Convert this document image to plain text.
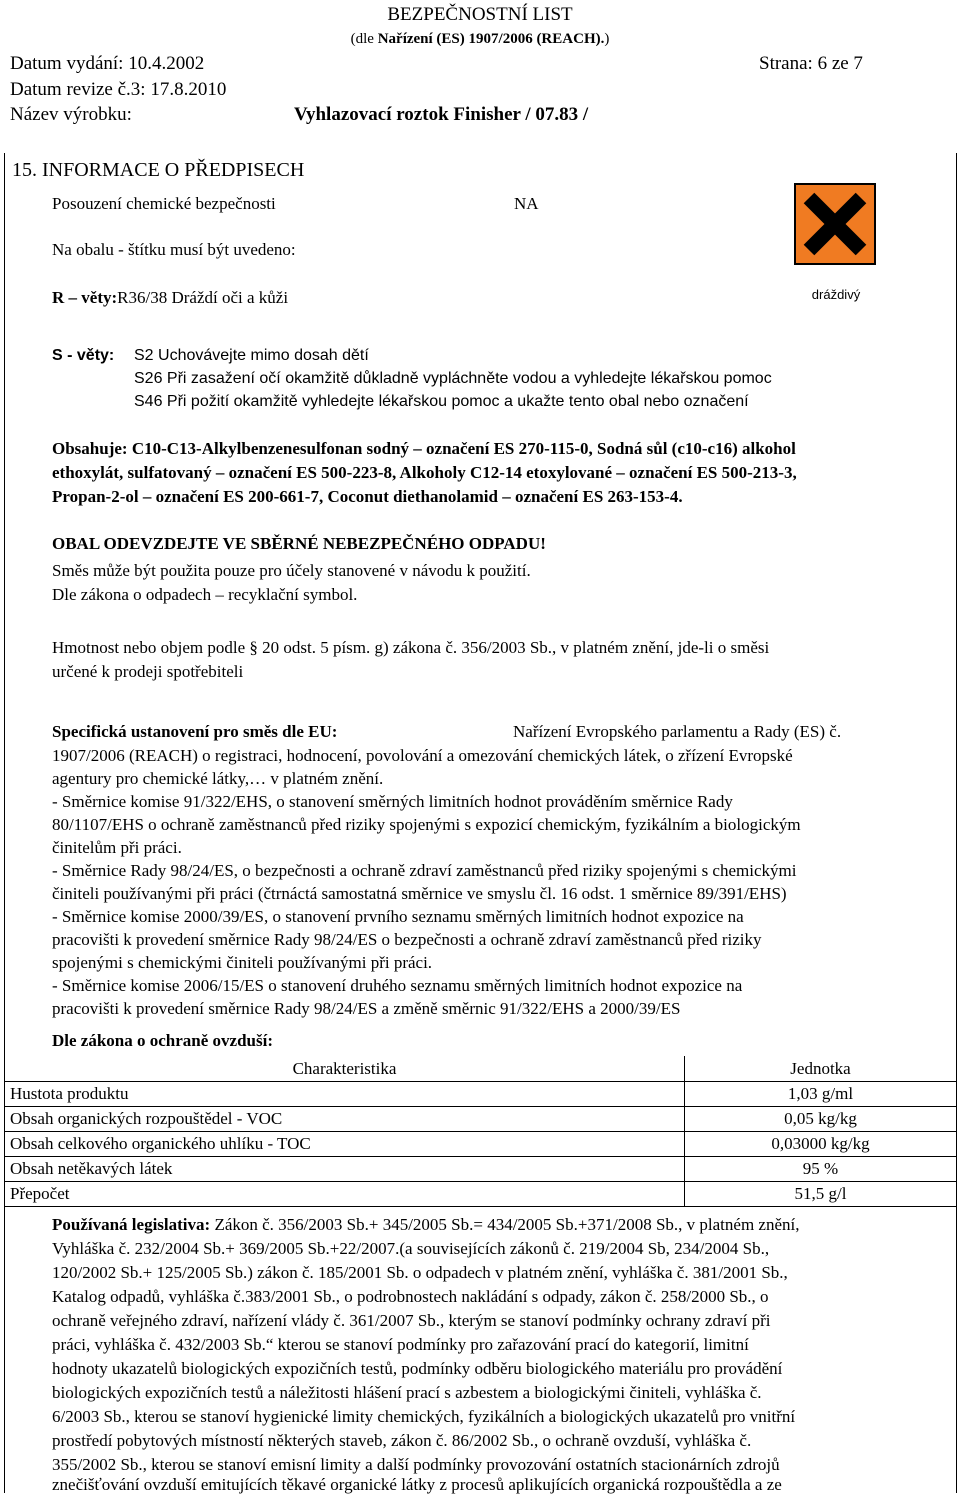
BEZPEČNOSTNÍ LIST
(dle Nařízení (ES) 1907/2006 (REACH).)
Datum vydání: 10.4.2002	Strana: 6 ze 7
Datum revize č.3: 17.8.2010
Název výrobku:	Vyhlazovací roztok Finisher / 07.83 /
15. INFORMACE O PŘEDPISECH
Posouzení chemické bezpečnosti	NA
Na obalu - štítku musí být uvedeno:
R – věty:R36/38 Dráždí oči a kůži	dráždivý
S - věty: S2 Uchovávejte mimo dosah dětí
S26 Při zasažení očí okamžitě důkladně vypláchněte vodou a vyhledejte lékařskou pomoc
S46 Při požití okamžitě vyhledejte lékařskou pomoc a ukažte tento obal nebo označení
Obsahuje: C10-C13-Alkylbenzenesulfonan sodný – označení ES 270-115-0, Sodná sůl (c10-c16) alkohol
ethoxylát, sulfatovaný – označení ES 500-223-8, Alkoholy C12-14 etoxylované – označení ES 500-213-3,
Propan-2-ol – označení ES 200-661-7, Coconut diethanolamid – označení ES 263-153-4.
OBAL ODEVZDEJTE VE SBĚRNÉ NEBEZPEČNÉHO ODPADU!
Směs může být použita pouze pro účely stanovené v návodu k použití.
Dle zákona o odpadech – recyklační symbol.
Hmotnost nebo objem podle § 20 odst. 5 písm. g) zákona č. 356/2003 Sb., v platném znění, jde-li o směsi
určené k prodeji spotřebiteli
Specifická ustanovení pro směs dle EU:	Nařízení Evropského parlamentu a Rady (ES) č.
1907/2006 (REACH) o registraci, hodnocení, povolování a omezování chemických látek, o zřízení Evropské
agentury pro chemické látky,… v platném znění.
- Směrnice komise 91/322/EHS, o stanovení směrných limitních hodnot prováděním směrnice Rady
80/1107/EHS o ochraně zaměstnanců před riziky spojenými s expozicí chemickým, fyzikálním a biologickým
činitelům při práci.
- Směrnice Rady 98/24/ES, o bezpečnosti a ochraně zdraví zaměstnanců před riziky spojenými s chemickými
činiteli používanými při práci (čtrnáctá samostatná směrnice ve smyslu čl. 16 odst. 1 směrnice 89/391/EHS)
- Směrnice komise 2000/39/ES, o stanovení prvního seznamu směrných limitních hodnot expozice na
pracovišti k provedení směrnice Rady 98/24/ES o bezpečnosti a ochraně zdraví zaměstnanců před riziky
spojenými s chemickými činiteli používanými při práci.
- Směrnice komise 2006/15/ES o stanovení druhého seznamu směrných limitních hodnot expozice na
pracovišti k provedení směrnice Rady 98/24/ES a změně směrnic 91/322/EHS a 2000/39/ES
Dle zákona o ochraně ovzduší:
Charakteristika	Jednotka
Hustota produktu	1,03 g/ml
Obsah organických rozpouštědel - VOC	0,05 kg/kg
Obsah celkového organického uhlíku - TOC	0,03000 kg/kg
Obsah netěkavých látek	95 %
Přepočet	51,5 g/l
Používaná legislativa: Zákon č. 356/2003 Sb.+ 345/2005 Sb.= 434/2005 Sb.+371/2008 Sb., v platném znění,
Vyhláška č. 232/2004 Sb.+ 369/2005 Sb.+22/2007.(a souvisejících zákonů č. 219/2004 Sb, 234/2004 Sb.,
120/2002 Sb.+ 125/2005 Sb.) zákon č. 185/2001 Sb. o odpadech v platném znění, vyhláška č. 381/2001 Sb.,
Katalog odpadů, vyhláška č.383/2001 Sb., o podrobnostech nakládání s odpady, zákon č. 258/2000 Sb., o
ochraně veřejného zdraví, nařízení vlády č. 361/2007 Sb., kterým se stanoví podmínky ochrany zdraví při
práci, vyhláška č. 432/2003 Sb.“ kterou se stanoví podmínky pro zařazování prací do kategorií, limitní
hodnoty ukazatelů biologických expozičních testů, podmínky odběru biologického materiálu pro provádění
biologických expozičních testů a náležitosti hlášení prací s azbestem a biologickými činiteli, vyhláška č.
6/2003 Sb., kterou se stanoví hygienické limity chemických, fyzikálních a biologických ukazatelů pro vnitřní
prostředí pobytových místností některých staveb, zákon č. 86/2002 Sb., o ochraně ovzduší, vyhláška č.
355/2002 Sb., kterou se stanoví emisní limity a další podmínky provozování ostatních stacionárních zdrojů
znečišťování ovzduší emitujících těkavé organické látky z procesů aplikujících organická rozpouštědla a ze
